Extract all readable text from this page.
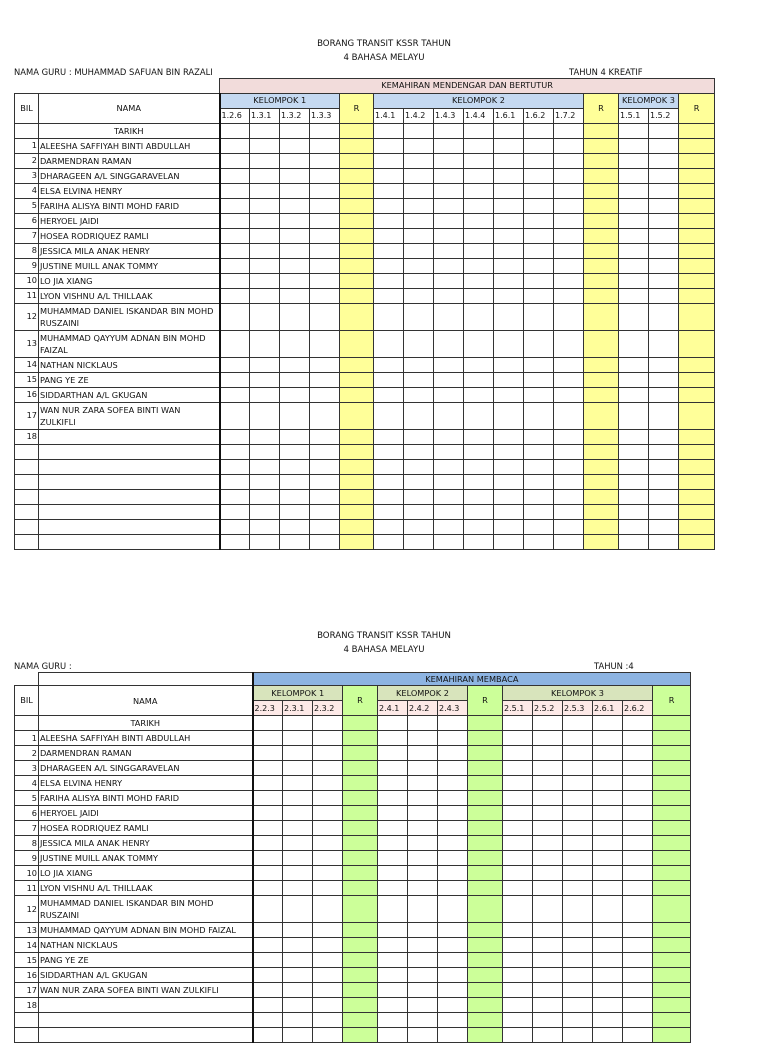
BORANG TRANSIT KSSR TAHUN
4 BAHASA MELAYU
NAMA GURU : MUHAMMAD SAFUAN BIN RAZALI	TAHUN 4 KREATIF
		KEMAHIRAN MENDENGAR DAN BERTUTUR															
BIL	NAMA	KELOMPOK 1				R	KELOMPOK 2							R	KELOMPOK 3		R
		1.2.6	1.3.1	1.3.2	1.3.3		1.4.1	1.4.2	1.4.3	1.4.4	1.6.1	1.6.2	1.7.2		1.5.1	1.5.2	
	TARIKH																
1	ALEESHA SAFFIYAH BINTI ABDULLAH																
2	DARMENDRAN RAMAN																
3	DHARAGEEN A/L SINGGARAVELAN																
4	ELSA ELVINA HENRY																
5	FARIHA ALISYA BINTI MOHD FARID																
6	HERYOEL JAIDI																
7	HOSEA RODRIQUEZ RAMLI																
8	JESSICA MILA ANAK HENRY																
9	JUSTINE MUILL ANAK TOMMY																
10	LO JIA XIANG																
11	LYON VISHNU A/L THILLAAK																
12	MUHAMMAD DANIEL ISKANDAR BIN MOHD RUSZAINI																
13	MUHAMMAD QAYYUM ADNAN BIN MOHD FAIZAL																
14	NATHAN NICKLAUS																
15	PANG YE ZE																
16	SIDDARTHAN A/L GKUGAN																
17	WAN NUR ZARA SOFEA BINTI WAN ZULKIFLI																
18																	

BORANG TRANSIT KSSR TAHUN
4 BAHASA MELAYU
NAMA GURU :	TAHUN :4
		KEMAHIRAN MEMBACA													
BIL	NAMA	KELOMPOK 1			R	KELOMPOK 2			R	KELOMPOK 3					R
		2.2.3	2.3.1	2.3.2		2.4.1	2.4.2	2.4.3		2.5.1	2.5.2	2.5.3	2.6.1	2.6.2	
	TARIKH														
1	ALEESHA SAFFIYAH BINTI ABDULLAH														
2	DARMENDRAN RAMAN														
3	DHARAGEEN A/L SINGGARAVELAN														
4	ELSA ELVINA HENRY														
5	FARIHA ALISYA BINTI MOHD FARID														
6	HERYOEL JAIDI														
7	HOSEA RODRIQUEZ RAMLI														
8	JESSICA MILA ANAK HENRY														
9	JUSTINE MUILL ANAK TOMMY														
10	LO JIA XIANG														
11	LYON VISHNU A/L THILLAAK														
12	MUHAMMAD DANIEL ISKANDAR BIN MOHD RUSZAINI														
13	MUHAMMAD QAYYUM ADNAN BIN MOHD FAIZAL														
14	NATHAN NICKLAUS														
15	PANG YE ZE														
16	SIDDARTHAN A/L GKUGAN														
17	WAN NUR ZARA SOFEA BINTI WAN ZULKIFLI														
18															
